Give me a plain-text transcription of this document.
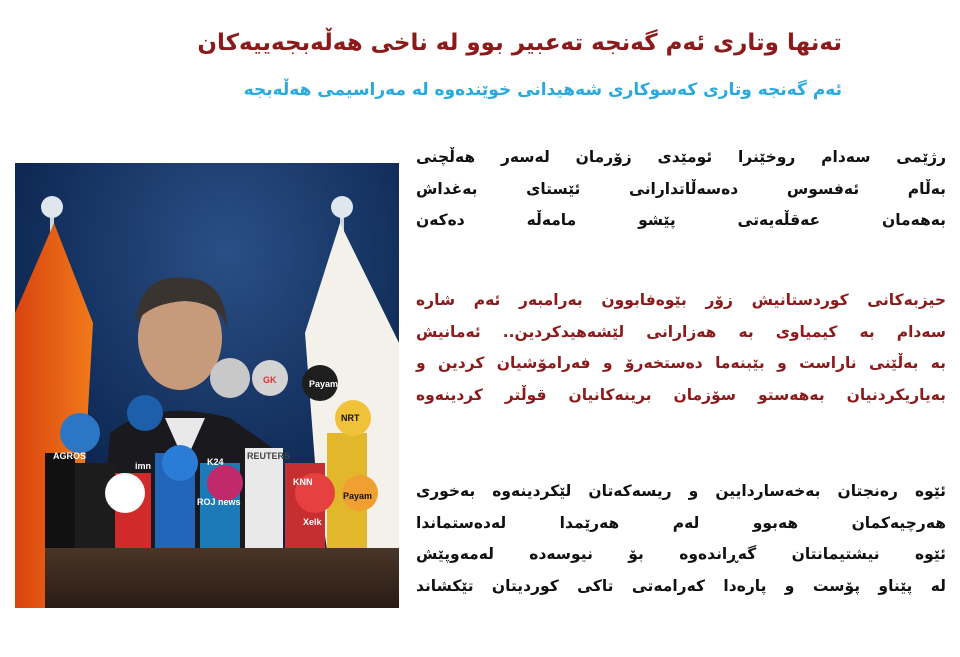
تەنها وتاری ئەم گەنجە تەعبیر بوو لە ناخی هەڵەبجەییەکان
ئەم گەنجە وتاری کەسوکاری شەهیدانی خوێندەوە لە مەراسیمی هەڵەبجە
GK	Payam
NRT
AGROS
imn	K24
ROJ news
KNN
REUTERS
Xelk
Payam
رژێمی سەدام روخێنرا ئومێدی زۆرمان لەسەر هەڵچنی
بەڵام ئەفسوس دەسەڵاتدارانی ئێستای بەغداش
بەهەمان عەقڵەیەتی پێشو مامەڵە دەکەن
حیزبەکانی کوردستانیش زۆر بێوەفابوون بەرامبەر ئەم شارە
سەدام بە کیمیاوی بە هەزارانی لێشەهیدکردین.. ئەمانیش
بە بەڵێنی ناراست و بێبنەما دەستخەرۆ و فەرامۆشیان کردین و
بەیاریکردنیان بەهەستو سۆزمان برینەکانیان قوڵتر کردینەوە
ئێوە رەنجتان بەخەساردایین و ریسەکەتان لێکردینەوە بەخوری
هەرچیەکمان هەبوو لەم هەرێمدا لەدەستماندا
ئێوە نیشتیمانتان گەڕاندەوە بۆ نیوسەدە لەمەوپێش
لە پێناو پۆست و پارەدا کەرامەتی تاکی کوردیتان تێکشاند
